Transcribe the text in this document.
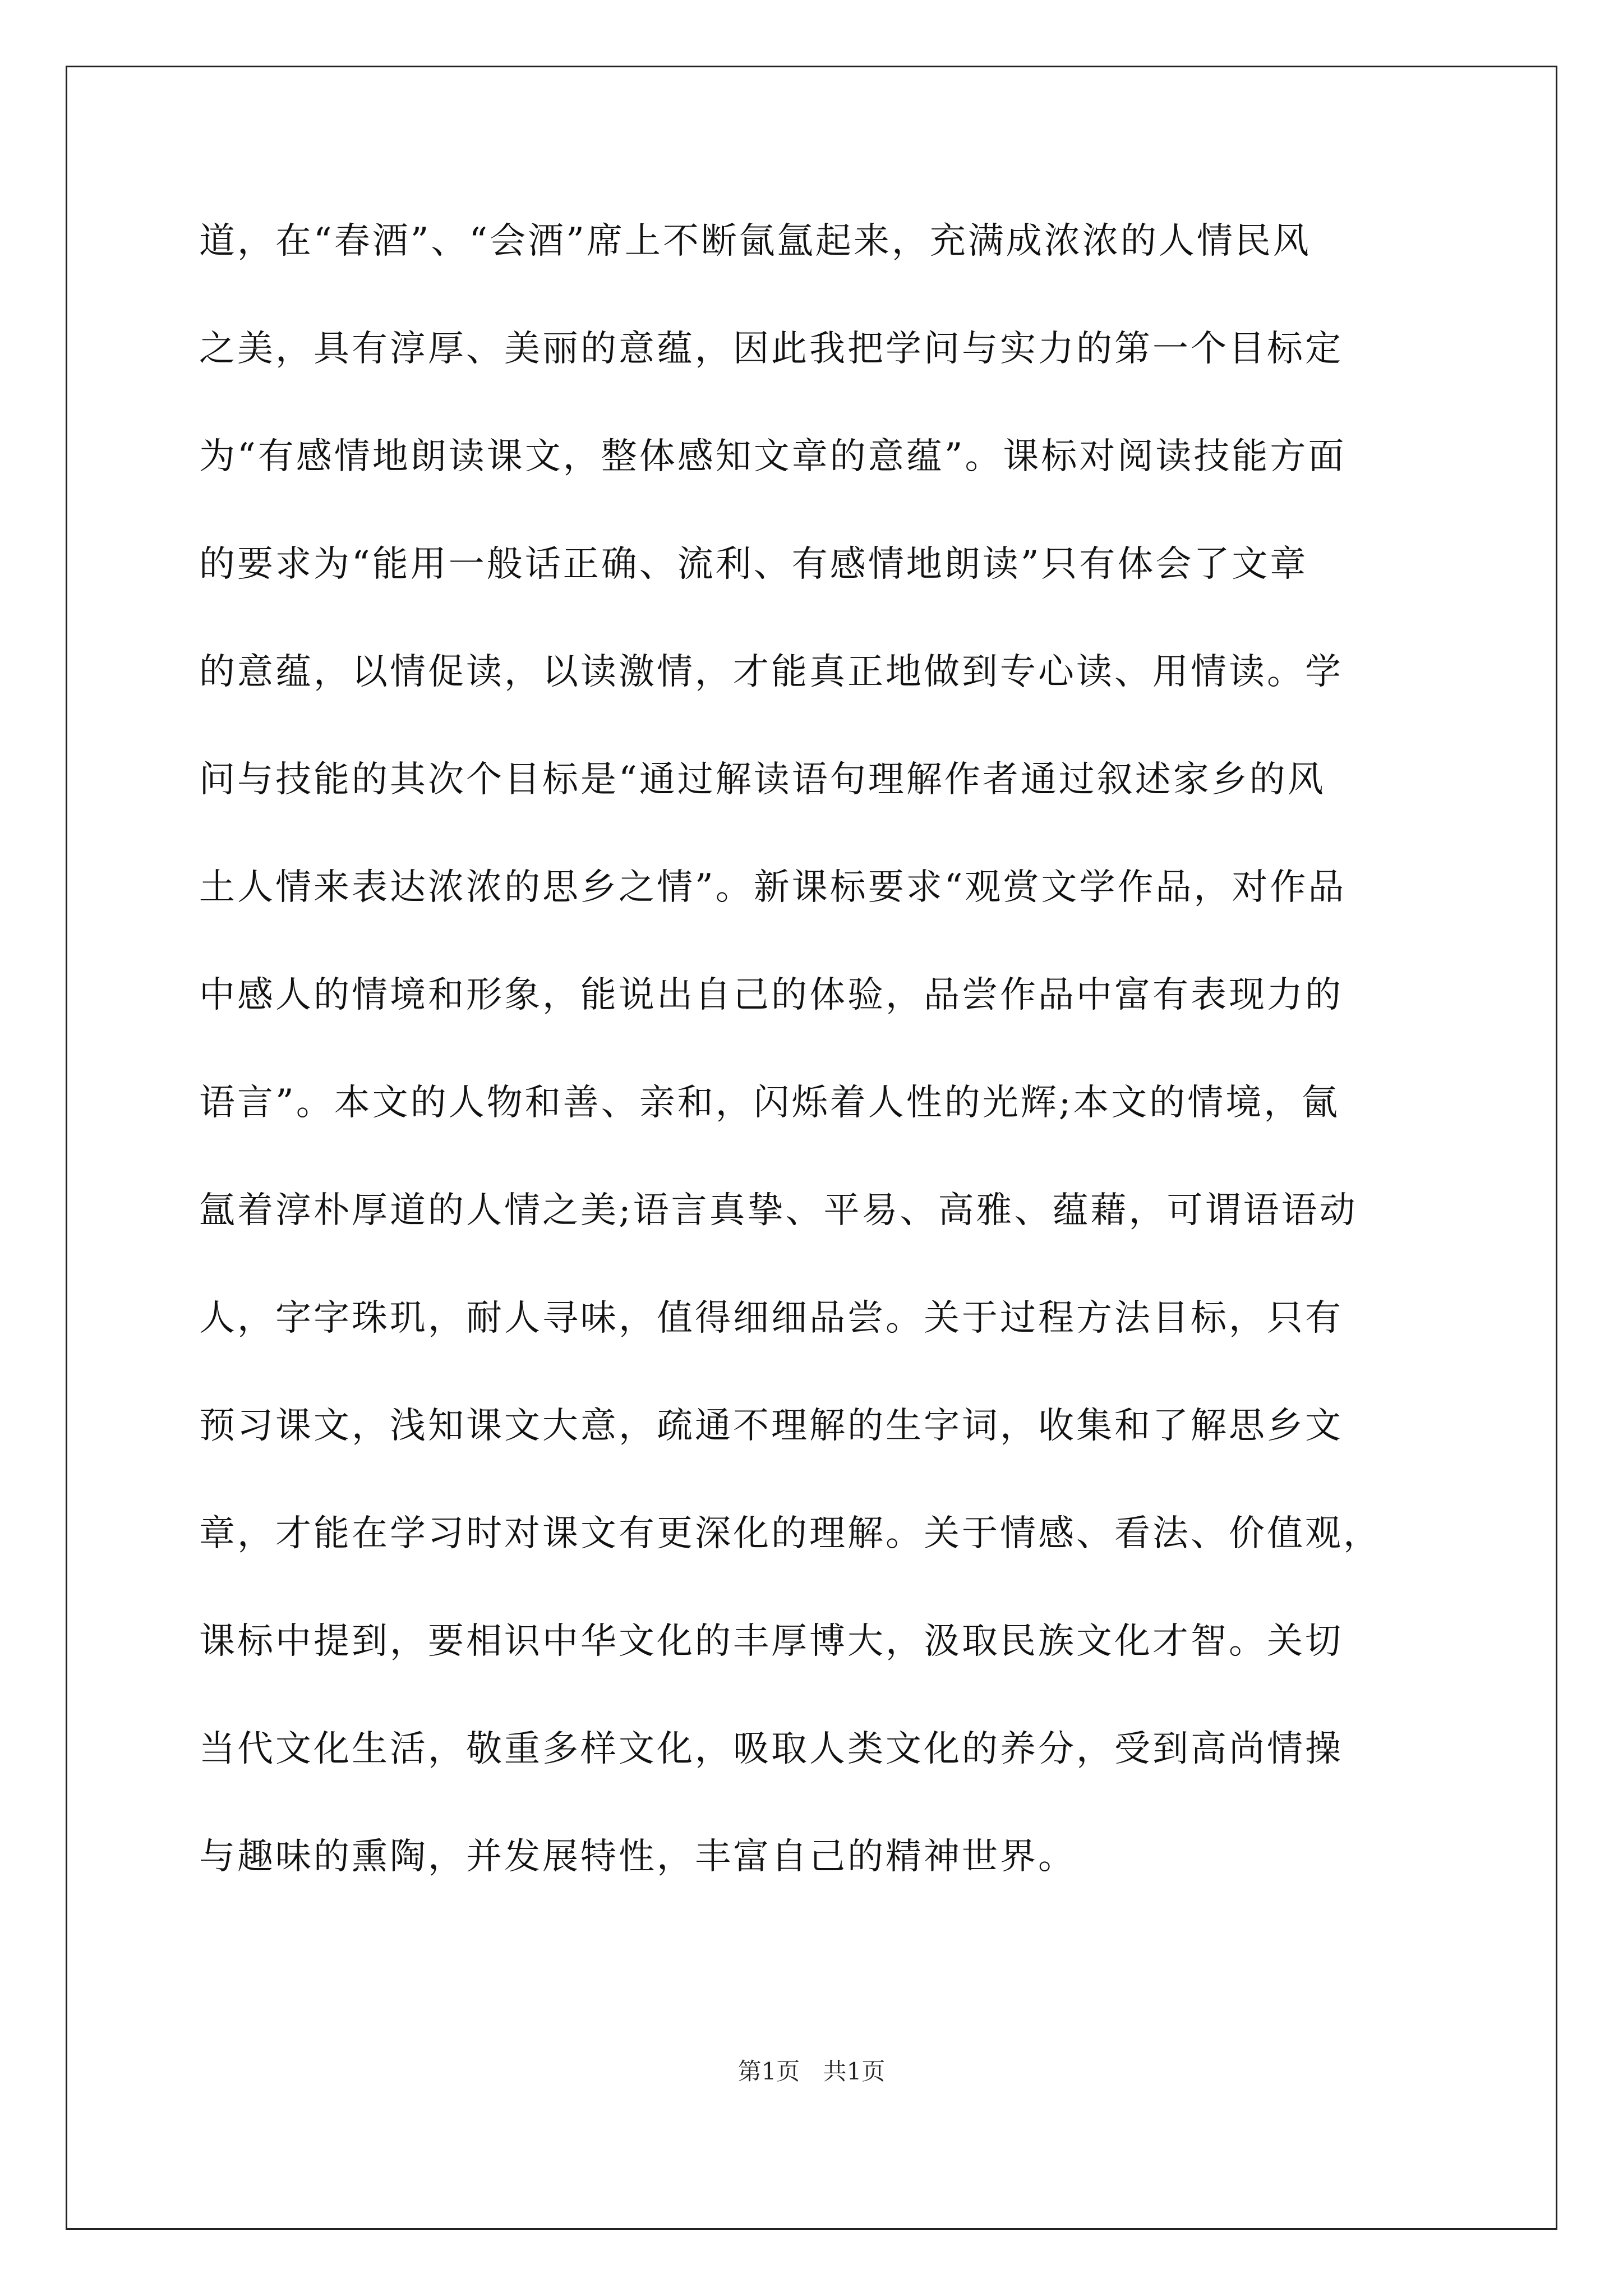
道，在“春酒”、“会酒”席上不断氤氲起来，充满成浓浓的人情民风
之美，具有淳厚、美丽的意蕴，因此我把学问与实力的第一个目标定
为“有感情地朗读课文，整体感知文章的意蕴”。课标对阅读技能方面
的要求为“能用一般话正确、流利、有感情地朗读”只有体会了文章
的意蕴，以情促读，以读激情，才能真正地做到专心读、用情读。学
问与技能的其次个目标是“通过解读语句理解作者通过叙述家乡的风
土人情来表达浓浓的思乡之情”。新课标要求“观赏文学作品，对作品
中感人的情境和形象，能说出自己的体验，品尝作品中富有表现力的
语言”。本文的人物和善、亲和，闪烁着人性的光辉;本文的情境，氤
氲着淳朴厚道的人情之美;语言真挚、平易、高雅、蕴藉，可谓语语动
人，字字珠玑，耐人寻味，值得细细品尝。关于过程方法目标，只有
预习课文，浅知课文大意，疏通不理解的生字词，收集和了解思乡文
章，才能在学习时对课文有更深化的理解。关于情感、看法、价值观，
课标中提到，要相识中华文化的丰厚博大，汲取民族文化才智。关切
当代文化生活，敬重多样文化，吸取人类文化的养分，受到高尚情操
与趣味的熏陶，并发展特性，丰富自己的精神世界。
第1页 共1页
